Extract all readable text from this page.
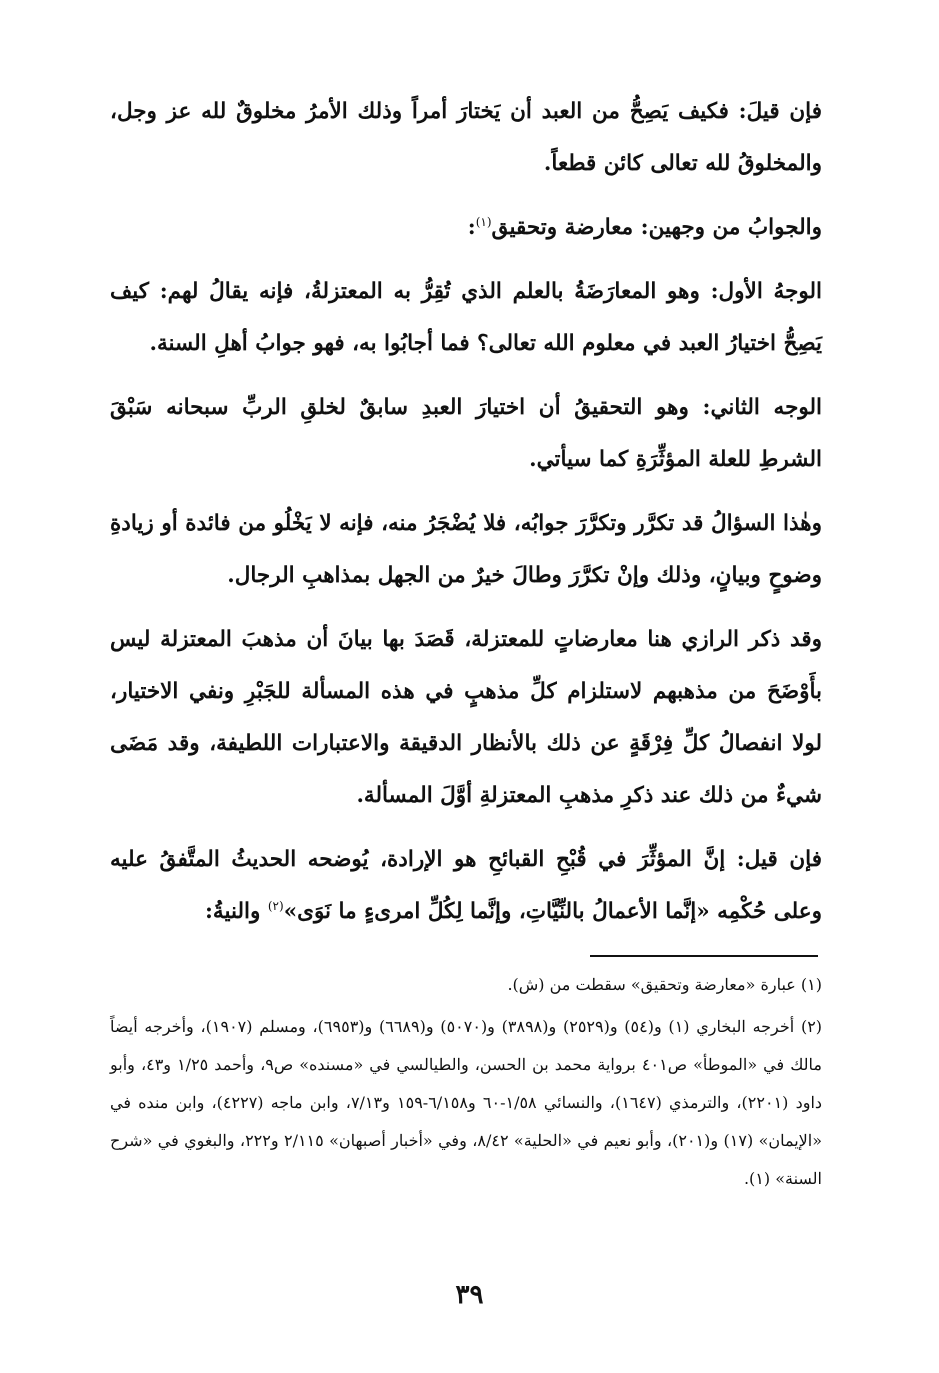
فإن قيلَ: فكيف يَصِحُّ من العبد أن يَختارَ أمراً وذلك الأمرُ مخلوقٌ لله عز وجل، والمخلوقُ لله تعالى كائن قطعاً.

والجوابُ من وجهين: معارضة وتحقيق$^{(١)}$:

الوجهُ الأول: وهو المعارَضَةُ بالعلم الذي تُقِرُّ به المعتزلةُ، فإنه يقالُ لهم: كيف يَصِحُّ اختيارُ العبد في معلوم الله تعالى؟ فما أجابُوا به، فهو جوابُ أهلِ السنة.

الوجه الثاني: وهو التحقيقُ أن اختيارَ العبدِ سابقٌ لخلقِ الربِّ سبحانه سَبْقَ الشرطِ للعلة المؤثِّرَةِ كما سيأتي.

وهٰذا السؤالُ قد تكرَّر وتكرَّرَ جوابُه، فلا يُضْجَرُ منه، فإنه لا يَخْلُو من فائدة أو زيادةِ وضوحٍ وبيانٍ، وذلك وإنْ تكرَّرَ وطالَ خيرٌ من الجهل بمذاهبِ الرجال.

وقد ذكر الرازي هنا معارضاتٍ للمعتزلة، قَصَدَ بها بيانَ أن مذهبَ المعتزلة ليس بأَوْضَحَ من مذهبهم لاستلزام كلِّ مذهبٍ في هذه المسألة للجَبْرِ ونفي الاختيار، لولا انفصالُ كلِّ فِرْقَةٍ عن ذلك بالأنظار الدقيقة والاعتبارات اللطيفة، وقد مَضَى شيءٌ من ذلك عند ذكرِ مذهبِ المعتزلةِ أوَّلَ المسألة.

فإن قيل: إنَّ المؤثِّرَ في قُبْحِ القبائحِ هو الإرادة، يُوضحه الحديثُ المتَّفقُ عليه وعلى حُكْمِه «إنَّما الأعمالُ بالنِّيَّاتِ، وإنَّما لِكُلِّ امرىءٍ ما نَوَى»$^{(٢)}$ والنيةُ:

(١) عبارة «معارضة وتحقيق» سقطت من (ش).

(٢) أخرجه البخاري (١) و(٥٤) و(٢٥٢٩) و(٣٨٩٨) و(٥٠٧٠) و(٦٦٨٩) و(٦٩٥٣)، ومسلم (١٩٠٧)، وأخرجه أيضاً مالك في «الموطأ» ص٤٠١ برواية محمد بن الحسن، والطيالسي في «مسنده» ص٩، وأحمد ١/٢٥ و٤٣، وأبو داود (٢٢٠١)، والترمذي (١٦٤٧)، والنسائي ١/٥٨-٦٠ و٦/١٥٨-١٥٩ و٧/١٣، وابن ماجه (٤٢٢٧)، وابن منده في «الإيمان» (١٧) و(٢٠١)، وأبو نعيم في «الحلية» ٨/٤٢، وفي «أخبار أصبهان» ٢/١١٥ و٢٢٢، والبغوي في «شرح السنة» (١).

٣٩
